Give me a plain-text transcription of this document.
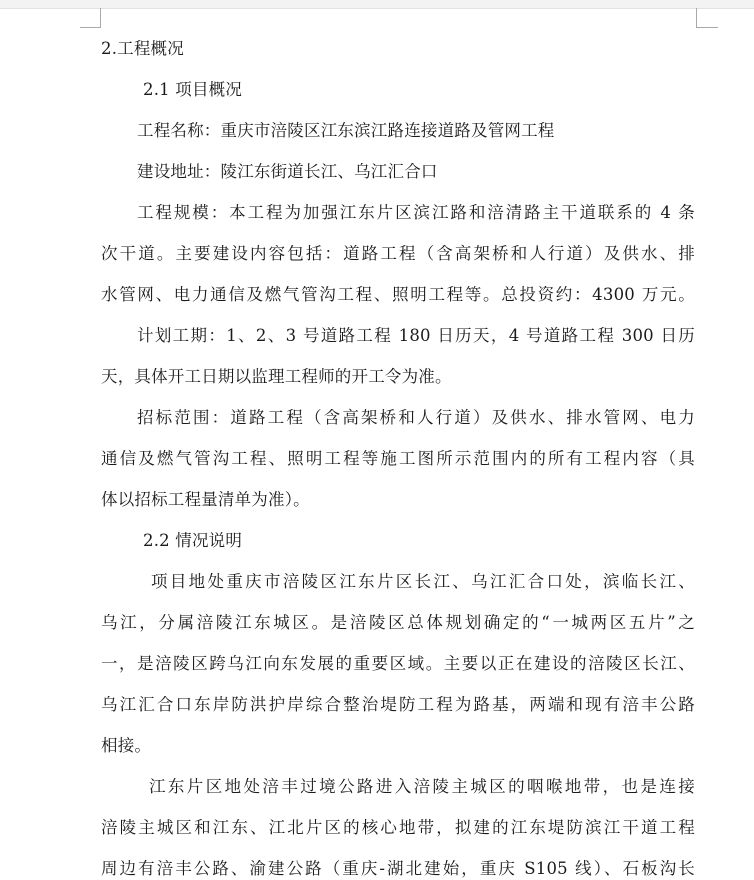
2.工程概况
2.1 项目概况
工程名称：重庆市涪陵区江东滨江路连接道路及管网工程
建设地址：陵江东街道长江、乌江汇合口
工程规模：本工程为加强江东片区滨江路和涪清路主干道联系的 4 条
次干道。主要建设内容包括：道路工程（含高架桥和人行道）及供水、排
水管网、电力通信及燃气管沟工程、照明工程等。总投资约：4300 万元。
计划工期：1、2、3 号道路工程 180 日历天，4 号道路工程 300 日历
天，具体开工日期以监理工程师的开工令为准。
招标范围：道路工程（含高架桥和人行道）及供水、排水管网、电力
通信及燃气管沟工程、照明工程等施工图所示范围内的所有工程内容（具
体以招标工程量清单为准）。
2.2 情况说明
项目地处重庆市涪陵区江东片区长江、乌江汇合口处，滨临长江、
乌江，分属涪陵江东城区。是涪陵区总体规划确定的“一城两区五片”之
一，是涪陵区跨乌江向东发展的重要区域。主要以正在建设的涪陵区长江、
乌江汇合口东岸防洪护岸综合整治堤防工程为路基，两端和现有涪丰公路
相接。
江东片区地处涪丰过境公路进入涪陵主城区的咽喉地带，也是连接
涪陵主城区和江东、江北片区的核心地带，拟建的江东堤防滨江干道工程
周边有涪丰公路、渝建公路（重庆-湖北建始，重庆 S105 线）、石板沟长
